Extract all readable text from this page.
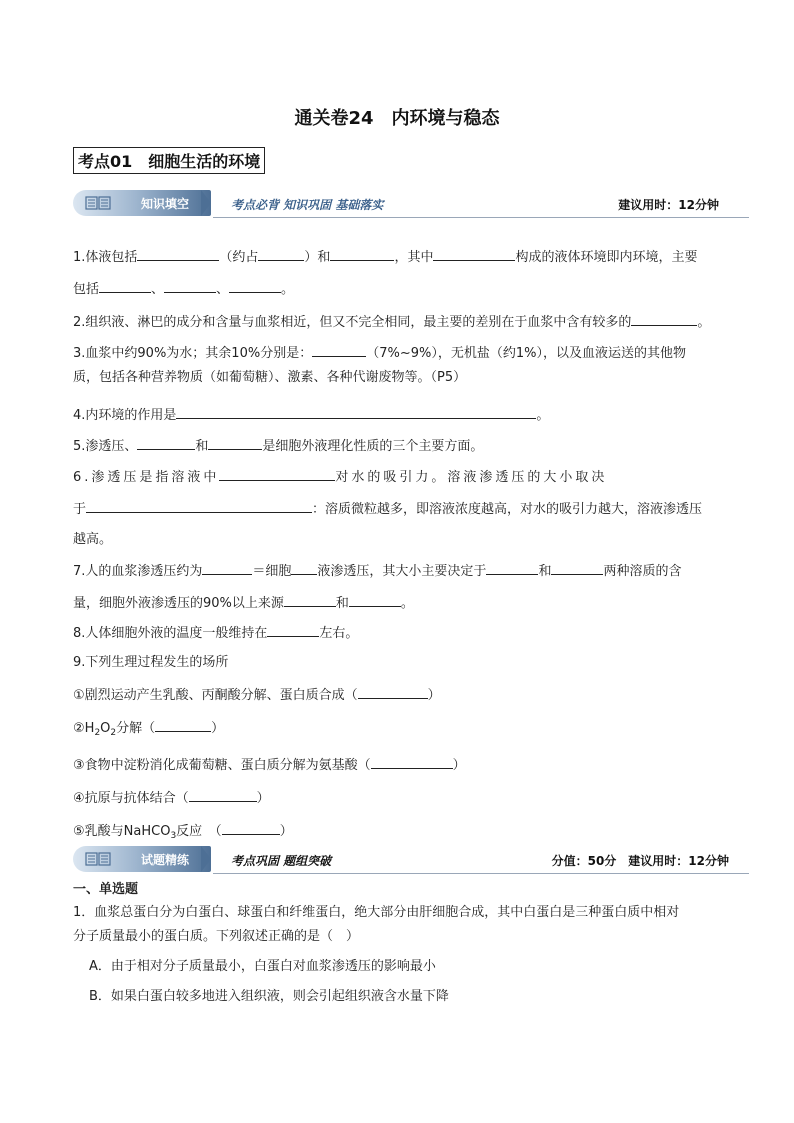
通关卷24　内环境与稳态
考点01　细胞生活的环境
知识填空	考点必背 知识巩固 基础落实	建议用时：12分钟
1.体液包括	（约占	）和	，其中	构成的液体环境即内环境，主要
包括	、	、	。
2.组织液、淋巴的成分和含量与血浆相近，但又不完全相同，最主要的差别在于血浆中含有较多的	。
3.血浆中约90%为水；其余10%分别是：	（7%~9%），无机盐（约1%），以及血液运送的其他物
质，包括各种营养物质（如葡萄糖）、激素、各种代谢废物等。（P5）
4.内环境的作用是	。
5.渗透压、	和	是细胞外液理化性质的三个主要方面。
6.渗透压是指溶液中	对水的吸引力。溶液渗透压的大小取决
于	：溶质微粒越多，即溶液浓度越高，对水的吸引力越大，溶液渗透压
越高。
7.人的血浆渗透压约为	＝细胞 液渗透压，其大小主要决定于	和	两种溶质的含
量，细胞外液渗透压的90%以上来源	和	。
8.人体细胞外液的温度一般维持在	左右。
9.下列生理过程发生的场所
①剧烈运动产生乳酸、丙酮酸分解、蛋白质合成（	）
$②H_2O_2$分解（	）
③食物中淀粉消化成葡萄糖、蛋白质分解为氨基酸（	）
④抗原与抗体结合（	）
⑤乳酸与NaHCO$_3$反应　（	）
试题精练	考点巩固 题组突破	分值：50分　建议用时：12分钟
一、单选题
1．血浆总蛋白分为白蛋白、球蛋白和纤维蛋白，绝大部分由肝细胞合成，其中白蛋白是三种蛋白质中相对
分子质量最小的蛋白质。下列叙述正确的是（　）
A．由于相对分子质量最小，白蛋白对血浆渗透压的影响最小
B．如果白蛋白较多地进入组织液，则会引起组织液含水量下降
